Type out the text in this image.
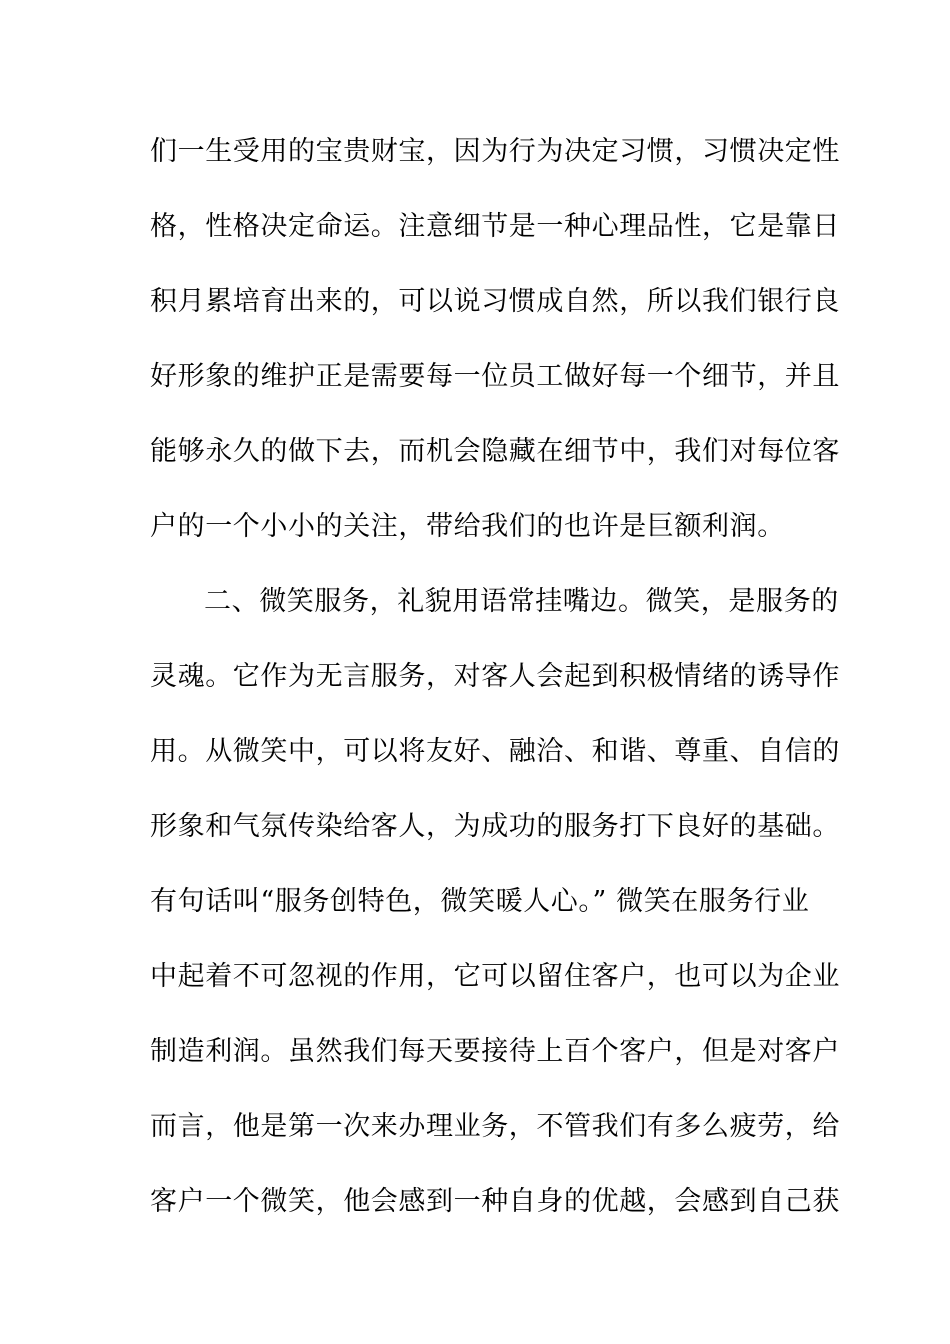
们一生受用的宝贵财宝，因为行为决定习惯，习惯决定性
格，性格决定命运。注意细节是一种心理品性，它是靠日
积月累培育出来的，可以说习惯成自然，所以我们银行良
好形象的维护正是需要每一位员工做好每一个细节，并且
能够永久的做下去，而机会隐藏在细节中，我们对每位客
户的一个小小的关注，带给我们的也许是巨额利润。
二、微笑服务，礼貌用语常挂嘴边。微笑，是服务的
灵魂。它作为无言服务，对客人会起到积极情绪的诱导作
用。从微笑中，可以将友好、融洽、和谐、尊重、自信的
形象和气氛传染给客人，为成功的服务打下良好的基础。
有句话叫“服务创特色，微笑暖人心。” 微笑在服务行业
中起着不可忽视的作用，它可以留住客户，也可以为企业
制造利润。虽然我们每天要接待上百个客户，但是对客户
而言，他是第一次来办理业务，不管我们有多么疲劳，给
客户一个微笑，他会感到一种自身的优越，会感到自己获
